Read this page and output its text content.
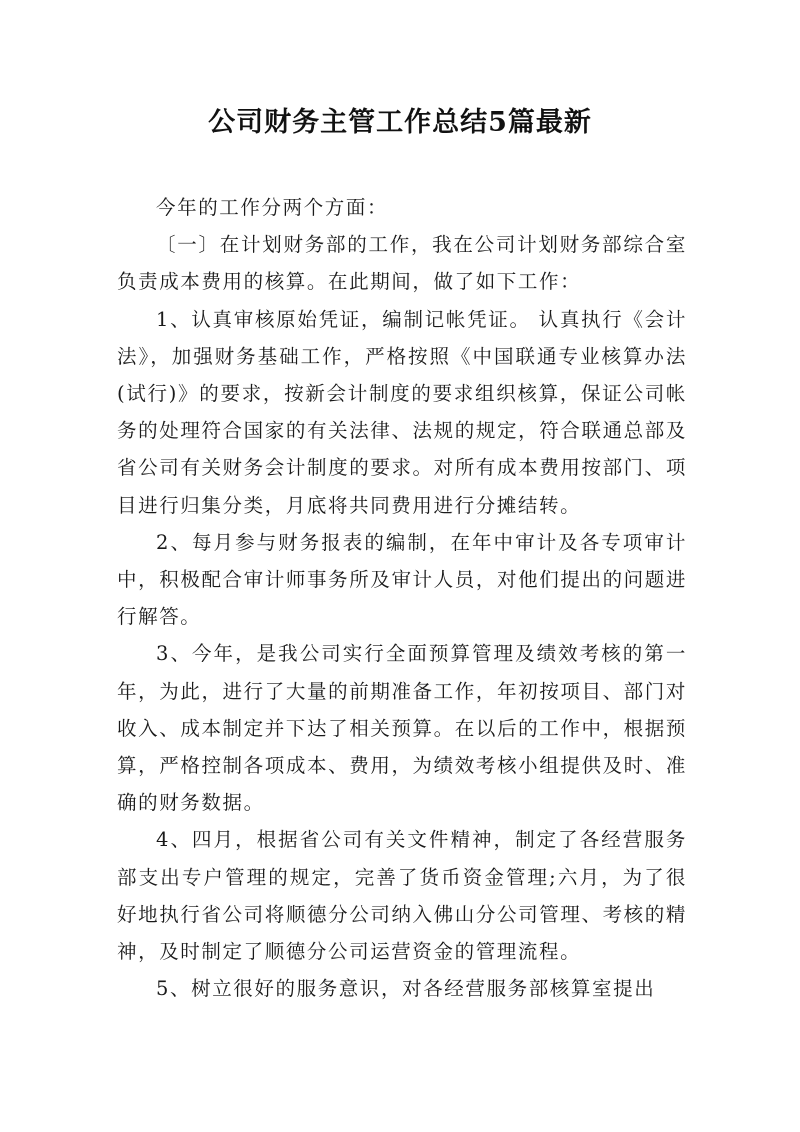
公司财务主管工作总结5篇最新

今年的工作分两个方面：

〔一〕在计划财务部的工作，我在公司计划财务部综合室负责成本费用的核算。在此期间，做了如下工作：

1、认真审核原始凭证，编制记帐凭证。 认真执行《会计法》，加强财务基础工作，严格按照《中国联通专业核算办法(试行)》的要求，按新会计制度的要求组织核算，保证公司帐务的处理符合国家的有关法律、法规的规定，符合联通总部及省公司有关财务会计制度的要求。对所有成本费用按部门、项目进行归集分类，月底将共同费用进行分摊结转。

2、每月参与财务报表的编制，在年中审计及各专项审计中，积极配合审计师事务所及审计人员，对他们提出的问题进行解答。

3、今年，是我公司实行全面预算管理及绩效考核的第一年，为此，进行了大量的前期准备工作，年初按项目、部门对收入、成本制定并下达了相关预算。在以后的工作中，根据预算，严格控制各项成本、费用，为绩效考核小组提供及时、准确的财务数据。

4、四月，根据省公司有关文件精神，制定了各经营服务部支出专户管理的规定，完善了货币资金管理;六月，为了很好地执行省公司将顺德分公司纳入佛山分公司管理、考核的精神，及时制定了顺德分公司运营资金的管理流程。

5、树立很好的服务意识，对各经营服务部核算室提出
